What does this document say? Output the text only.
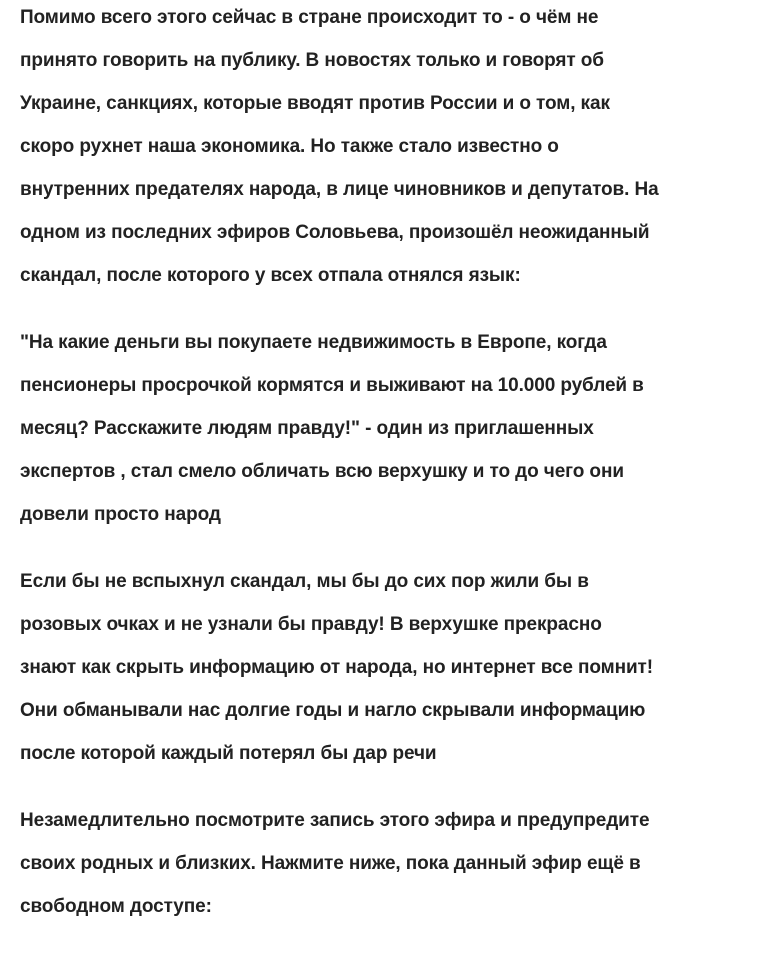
Помимо всего этого сейчас в стране происходит то - о чём не
принято говорить на публику. В новостях только и говорят об
Украине, санкциях, которые вводят против России и о том, как
скоро рухнет наша экономика. Но также стало известно о
внутренних предателях народа, в лице чиновников и депутатов. На
одном из последних эфиров Соловьева, произошёл неожиданный
скандал, после которого у всех отпала отнялся язык:

"На какие деньги вы покупаете недвижимость в Европе, когда
пенсионеры просрочкой кормятся и выживают на 10.000 рублей в
месяц? Расскажите людям правду!" - один из приглашенных
экспертов , стал смело обличать всю верхушку и то до чего они
довели просто народ

Если бы не вспыхнул скандал, мы бы до сих пор жили бы в
розовых очках и не узнали бы правду! В верхушке прекрасно
знают как скрыть информацию от народа, но интернет все помнит!
Они обманывали нас долгие годы и нагло скрывали информацию
после которой каждый потерял бы дар речи

Незамедлительно посмотрите запись этого эфира и предупредите
своих родных и близких. Нажмите ниже, пока данный эфир ещё в
свободном доступе:
